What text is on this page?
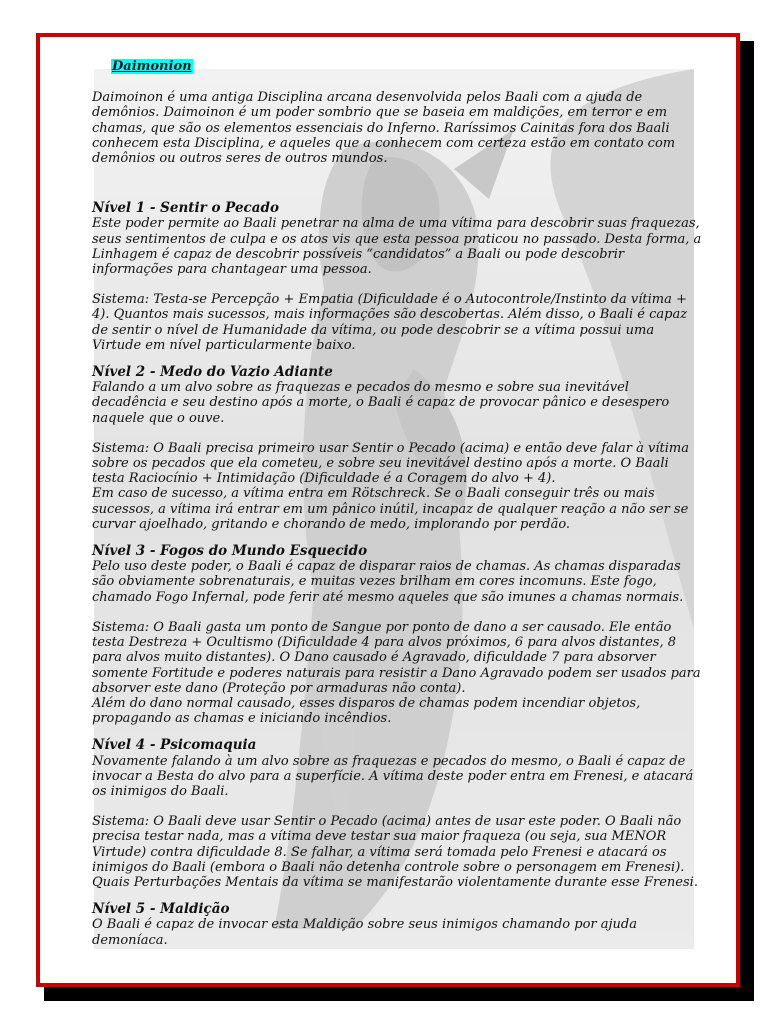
Daimonion

Daimoinon é uma antiga Disciplina arcana desenvolvida pelos Baali com a ajuda de demônios. Daimoinon é um poder sombrio que se baseia em maldições, em terror e em chamas, que são os elementos essenciais do Inferno. Raríssimos Cainitas fora dos Baali conhecem esta Disciplina, e aqueles que a conhecem com certeza estão em contato com demônios ou outros seres de outros mundos.

Nível 1 - Sentir o Pecado

Este poder permite ao Baali penetrar na alma de uma vítima para descobrir suas fraquezas, seus sentimentos de culpa e os atos vis que esta pessoa praticou no passado. Desta forma, a Linhagem é capaz de descobrir possíveis “candidatos” a Baali ou pode descobrir informações para chantagear uma pessoa.

Sistema: Testa-se Percepção + Empatia (Dificuldade é o Autocontrole/Instinto da vítima + 4). Quantos mais sucessos, mais informações são descobertas. Além disso, o Baali é capaz de sentir o nível de Humanidade da vítima, ou pode descobrir se a vítima possui uma Virtude em nível particularmente baixo.

Nível 2 - Medo do Vazio Adiante

Falando a um alvo sobre as fraquezas e pecados do mesmo e sobre sua inevitável decadência e seu destino após a morte, o Baali é capaz de provocar pânico e desespero naquele que o ouve.

Sistema: O Baali precisa primeiro usar Sentir o Pecado (acima) e então deve falar à vítima sobre os pecados que ela cometeu, e sobre seu inevitável destino após a morte. O Baali testa Raciocínio + Intimidação (Dificuldade é a Coragem do alvo + 4).

Em caso de sucesso, a vítima entra em Rötschreck. Se o Baali conseguir três ou mais sucessos, a vítima irá entrar em um pânico inútil, incapaz de qualquer reação a não ser se curvar ajoelhado, gritando e chorando de medo, implorando por perdão.

Nível 3 - Fogos do Mundo Esquecido

Pelo uso deste poder, o Baali é capaz de disparar raios de chamas. As chamas disparadas são obviamente sobrenaturais, e muitas vezes brilham em cores incomuns. Este fogo, chamado Fogo Infernal, pode ferir até mesmo aqueles que são imunes a chamas normais.

Sistema: O Baali gasta um ponto de Sangue por ponto de dano a ser causado. Ele então testa Destreza + Ocultismo (Dificuldade 4 para alvos próximos, 6 para alvos distantes, 8 para alvos muito distantes). O Dano causado é Agravado, dificuldade 7 para absorver somente Fortitude e poderes naturais para resistir a Dano Agravado podem ser usados para absorver este dano (Proteção por armaduras não conta).

Além do dano normal causado, esses disparos de chamas podem incendiar objetos, propagando as chamas e iniciando incêndios.

Nível 4 - Psicomaquia

Novamente falando à um alvo sobre as fraquezas e pecados do mesmo, o Baali é capaz de invocar a Besta do alvo para a superfície. A vítima deste poder entra em Frenesi, e atacará os inimigos do Baali.

Sistema: O Baali deve usar Sentir o Pecado (acima) antes de usar este poder. O Baali não precisa testar nada, mas a vítima deve testar sua maior fraqueza (ou seja, sua MENOR Virtude) contra dificuldade 8. Se falhar, a vítima será tomada pelo Frenesi e atacará os inimigos do Baali (embora o Baali não detenha controle sobre o personagem em Frenesi). Quais Perturbações Mentais da vítima se manifestarão violentamente durante esse Frenesi.

Nível 5 - Maldição

O Baali é capaz de invocar esta Maldição sobre seus inimigos chamando por ajuda demoníaca.
